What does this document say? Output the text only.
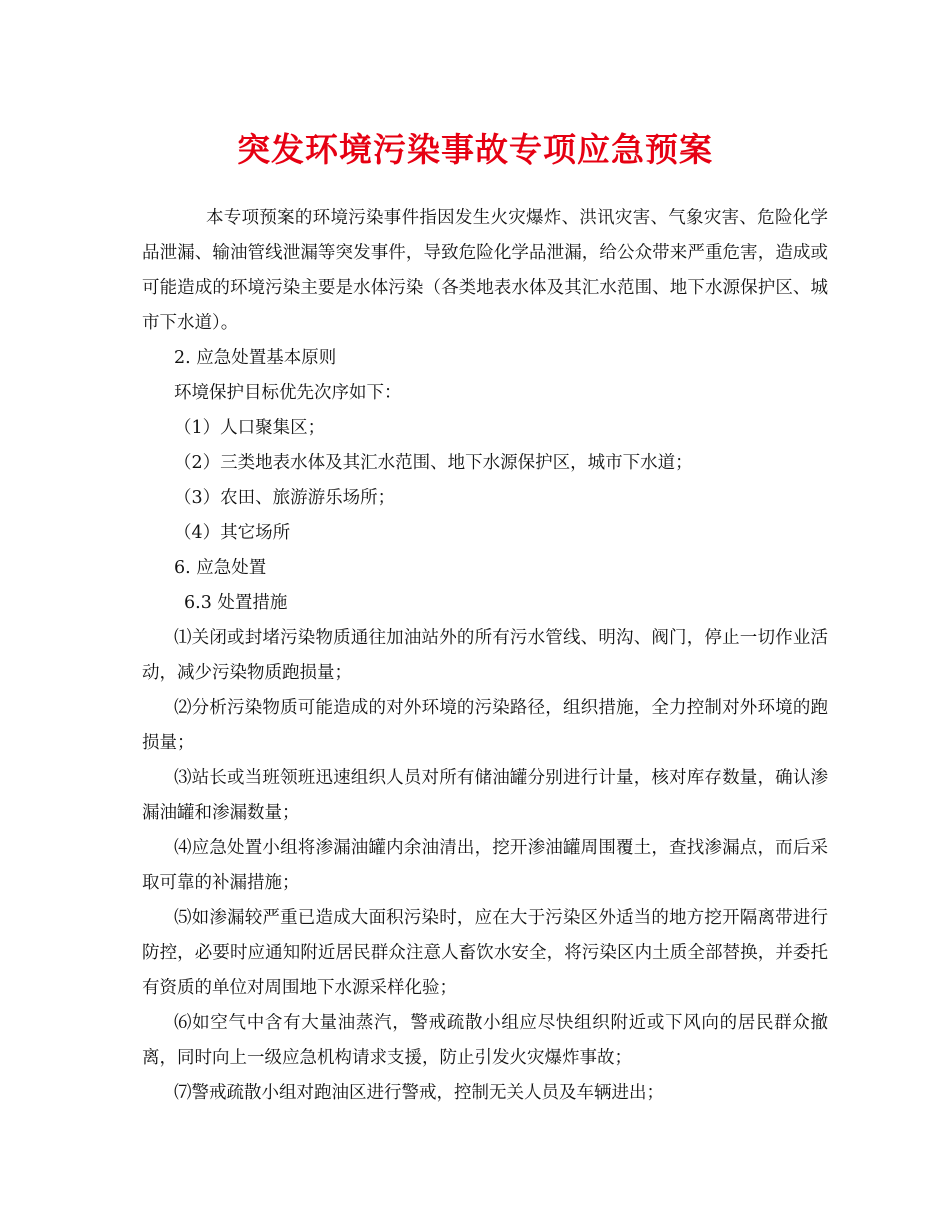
突发环境污染事故专项应急预案

本专项预案的环境污染事件指因发生火灾爆炸、洪讯灾害、气象灾害、危险化学品泄漏、输油管线泄漏等突发事件，导致危险化学品泄漏，给公众带来严重危害，造成或可能造成的环境污染主要是水体污染（各类地表水体及其汇水范围、地下水源保护区、城市下水道）。

2. 应急处置基本原则

环境保护目标优先次序如下：

（1）人口聚集区；

（2）三类地表水体及其汇水范围、地下水源保护区，城市下水道；

（3）农田、旅游游乐场所；

（4）其它场所

6. 应急处置

6.3 处置措施

⑴关闭或封堵污染物质通往加油站外的所有污水管线、明沟、阀门，停止一切作业活动，减少污染物质跑损量；

⑵分析污染物质可能造成的对外环境的污染路径，组织措施，全力控制对外环境的跑损量；

⑶站长或当班领班迅速组织人员对所有储油罐分别进行计量，核对库存数量，确认渗漏油罐和渗漏数量；

⑷应急处置小组将渗漏油罐内余油清出，挖开渗油罐周围覆土，查找渗漏点，而后采取可靠的补漏措施；

⑸如渗漏较严重已造成大面积污染时，应在大于污染区外适当的地方挖开隔离带进行防控，必要时应通知附近居民群众注意人畜饮水安全，将污染区内土质全部替换，并委托有资质的单位对周围地下水源采样化验；

⑹如空气中含有大量油蒸汽，警戒疏散小组应尽快组织附近或下风向的居民群众撤离，同时向上一级应急机构请求支援，防止引发火灾爆炸事故；

⑺警戒疏散小组对跑油区进行警戒，控制无关人员及车辆进出；
